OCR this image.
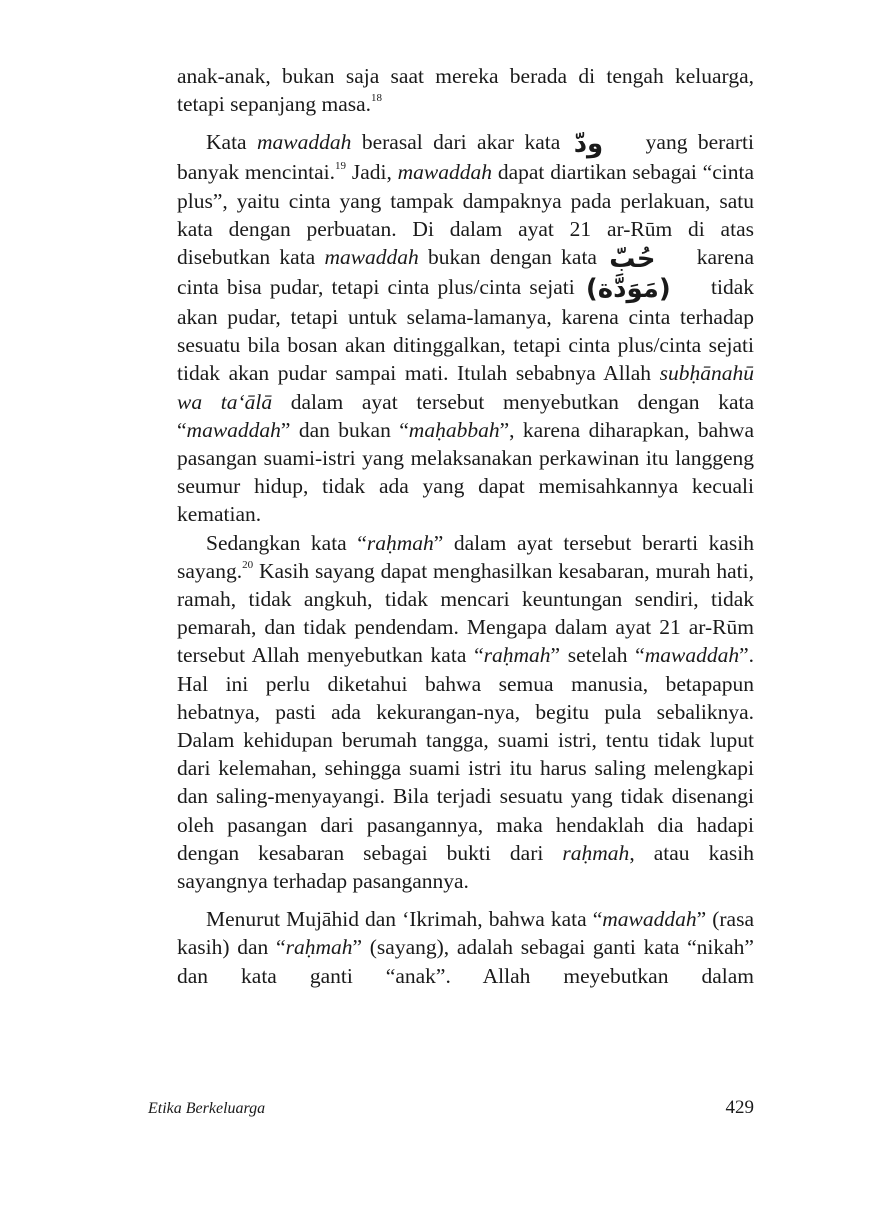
anak-anak, bukan saja saat mereka berada di tengah keluarga, tetapi sepanjang masa.$^{18}$

Kata mawaddah berasal dari akar kata ودّ yang berarti banyak mencintai.$^{19}$ Jadi, mawaddah dapat diartikan sebagai “cinta plus”, yaitu cinta yang tampak dampaknya pada perlakuan, satu kata dengan perbuatan. Di dalam ayat 21 ar-Rūm di atas disebutkan kata mawaddah bukan dengan kata حُبّ karena cinta bisa pudar, tetapi cinta plus/cinta sejati (مَوَدَّة) tidak akan pudar, tetapi untuk selama-lamanya, karena cinta terhadap sesuatu bila bosan akan ditinggalkan, tetapi cinta plus/cinta sejati tidak akan pudar sampai mati. Itulah sebabnya Allah subḥānahū wa ta‘ālā dalam ayat tersebut menyebutkan dengan kata “mawaddah” dan bukan “maḥabbah”, karena diharapkan, bahwa pasangan suami-istri yang melaksanakan perkawinan itu langgeng seumur hidup, tidak ada yang dapat memisahkannya kecuali kematian.

Sedangkan kata “raḥmah” dalam ayat tersebut berarti kasih sayang.$^{20}$ Kasih sayang dapat menghasilkan kesabaran, murah hati, ramah, tidak angkuh, tidak mencari keuntungan sendiri, tidak pemarah, dan tidak pendendam. Mengapa dalam ayat 21 ar-Rūm tersebut Allah menyebutkan kata “raḥmah” setelah “mawaddah”. Hal ini perlu diketahui bahwa semua manusia, betapapun hebatnya, pasti ada kekurangan-nya, begitu pula sebaliknya. Dalam kehidupan berumah tangga, suami istri, tentu tidak luput dari kelemahan, sehingga suami istri itu harus saling melengkapi dan saling-menyayangi. Bila terjadi sesuatu yang tidak disenangi oleh pasangan dari pasangannya, maka hendaklah dia hadapi dengan kesabaran sebagai bukti dari raḥmah, atau kasih sayangnya terhadap pasangannya.

Menurut Mujāhid dan ‘Ikrimah, bahwa kata “mawaddah” (rasa kasih) dan “raḥmah” (sayang), adalah sebagai ganti kata “nikah” dan kata ganti “anak”. Allah meyebutkan dalam

Etika Berkeluarga	429
